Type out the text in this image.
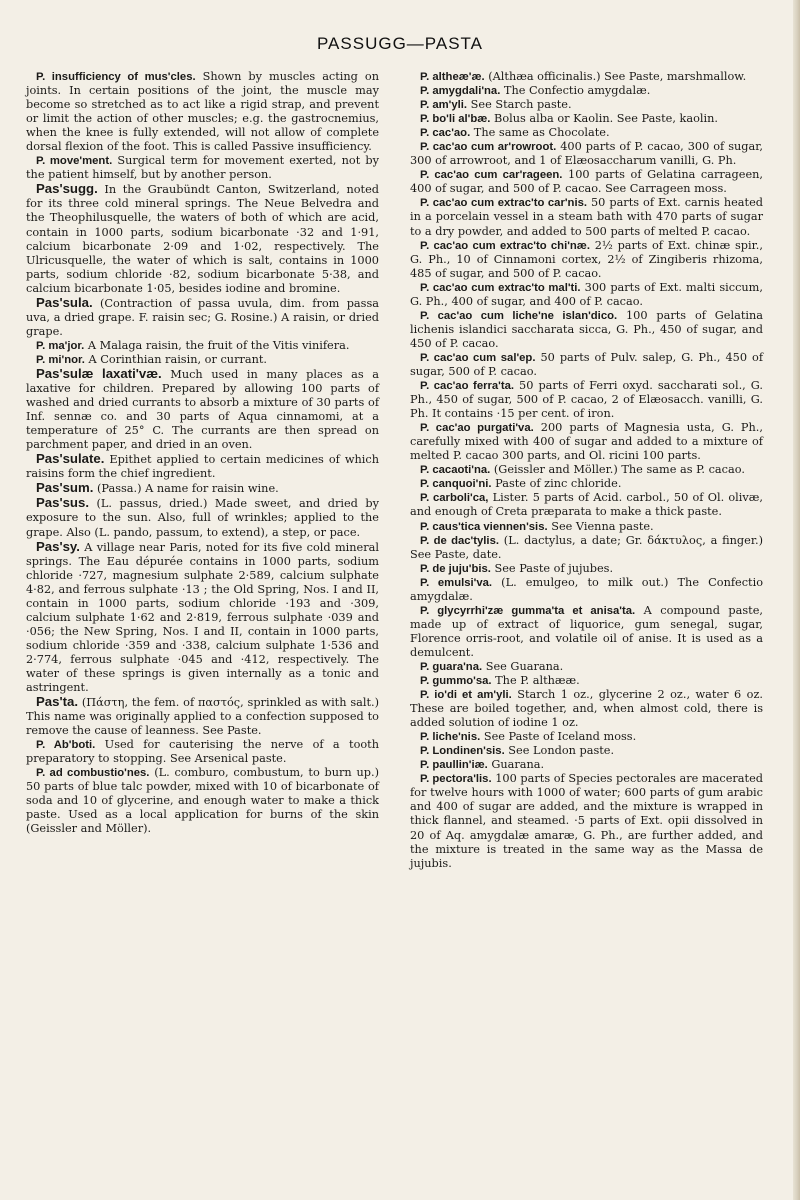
PASSUGG—PASTA

P. insufficiency of mus'cles. Shown by muscles acting on joints. In certain positions of the joint, the muscle may become so stretched as to act like a rigid strap, and prevent or limit the action of other muscles; e.g. the gastrocnemius, when the knee is fully extended, will not allow of complete dorsal flexion of the foot. This is called Passive insufficiency.

P. move'ment. Surgical term for movement exerted, not by the patient himself, but by another person.

Pas'sugg. In the Graubündt Canton, Switzerland, noted for its three cold mineral springs. The Neue Belvedra and the Theophilusquelle, the waters of both of which are acid, contain in 1000 parts, sodium bicarbonate ·32 and 1·91, calcium bicarbonate 2·09 and 1·02, respectively. The Ulricusquelle, the water of which is salt, contains in 1000 parts, sodium chloride ·82, sodium bicarbonate 5·38, and calcium bicarbonate 1·05, besides iodine and bromine.

Pas'sula. (Contraction of passa uvula, dim. from passa uva, a dried grape. F. raisin sec; G. Rosine.) A raisin, or dried grape.

P. ma'jor. A Malaga raisin, the fruit of the Vitis vinifera.

P. mi'nor. A Corinthian raisin, or currant.

Pas'sulæ laxati'væ. Much used in many places as a laxative for children. Prepared by allowing 100 parts of washed and dried currants to absorb a mixture of 30 parts of Inf. sennæ co. and 30 parts of Aqua cinnamomi, at a temperature of 25° C. The currants are then spread on parchment paper, and dried in an oven.

Pas'sulate. Epithet applied to certain medicines of which raisins form the chief ingredient.

Pas'sum. (Passa.) A name for raisin wine.

Pas'sus. (L. passus, dried.) Made sweet, and dried by exposure to the sun. Also, full of wrinkles; applied to the grape. Also (L. pando, passum, to extend), a step, or pace.

Pas'sy. A village near Paris, noted for its five cold mineral springs. The Eau dépurée contains in 1000 parts, sodium chloride ·727, magnesium sulphate 2·589, calcium sulphate 4·82, and ferrous sulphate ·13 ; the Old Spring, Nos. I and II, contain in 1000 parts, sodium chloride ·193 and ·309, calcium sulphate 1·62 and 2·819, ferrous sulphate ·039 and ·056; the New Spring, Nos. I and II, contain in 1000 parts, sodium chloride ·359 and ·338, calcium sulphate 1·536 and 2·774, ferrous sulphate ·045 and ·412, respectively. The water of these springs is given internally as a tonic and astringent.

Pas'ta. (Πάστη, the fem. of παστός, sprinkled as with salt.) This name was originally applied to a confection supposed to remove the cause of leanness. See Paste.

P. Ab'boti. Used for cauterising the nerve of a tooth preparatory to stopping. See Arsenical paste.

P. ad combustio'nes. (L. comburo, combustum, to burn up.) 50 parts of blue talc powder, mixed with 10 of bicarbonate of soda and 10 of glycerine, and enough water to make a thick paste. Used as a local application for burns of the skin (Geissler and Möller).

P. altheæ'æ. (Althæa officinalis.) See Paste, marshmallow.

P. amygdali'na. The Confectio amygdalæ.

P. am'yli. See Starch paste.

P. bo'li al'bæ. Bolus alba or Kaolin. See Paste, kaolin.

P. cac'ao. The same as Chocolate.

P. cac'ao cum ar'rowroot. 400 parts of P. cacao, 300 of sugar, 300 of arrowroot, and 1 of Elæosaccharum vanilli, G. Ph.

P. cac'ao cum car'rageen. 100 parts of Gelatina carrageen, 400 of sugar, and 500 of P. cacao. See Carrageen moss.

P. cac'ao cum extrac'to car'nis. 50 parts of Ext. carnis heated in a porcelain vessel in a steam bath with 470 parts of sugar to a dry powder, and added to 500 parts of melted P. cacao.

P. cac'ao cum extrac'to chi'næ. 2½ parts of Ext. chinæ spir., G. Ph., 10 of Cinnamoni cortex, 2½ of Zingiberis rhizoma, 485 of sugar, and 500 of P. cacao.

P. cac'ao cum extrac'to mal'ti. 300 parts of Ext. malti siccum, G. Ph., 400 of sugar, and 400 of P. cacao.

P. cac'ao cum liche'ne islan'dico. 100 parts of Gelatina lichenis islandici saccharata sicca, G. Ph., 450 of sugar, and 450 of P. cacao.

P. cac'ao cum sal'ep. 50 parts of Pulv. salep, G. Ph., 450 of sugar, 500 of P. cacao.

P. cac'ao ferra'ta. 50 parts of Ferri oxyd. saccharati sol., G. Ph., 450 of sugar, 500 of P. cacao, 2 of Elæosacch. vanilli, G. Ph. It contains ·15 per cent. of iron.

P. cac'ao purgati'va. 200 parts of Magnesia usta, G. Ph., carefully mixed with 400 of sugar and added to a mixture of melted P. cacao 300 parts, and Ol. ricini 100 parts.

P. cacaoti'na. (Geissler and Möller.) The same as P. cacao.

P. canquoi'ni. Paste of zinc chloride.

P. carboli'ca, Lister. 5 parts of Acid. carbol., 50 of Ol. olivæ, and enough of Creta præparata to make a thick paste.

P. caus'tica viennen'sis. See Vienna paste.

P. de dac'tylis. (L. dactylus, a date; Gr. δάκτυλος, a finger.) See Paste, date.

P. de juju'bis. See Paste of jujubes.

P. emulsi'va. (L. emulgeo, to milk out.) The Confectio amygdalæ.

P. glycyrrhi'zæ gumma'ta et anisa'ta. A compound paste, made up of extract of liquorice, gum senegal, sugar, Florence orris-root, and volatile oil of anise. It is used as a demulcent.

P. guara'na. See Guarana.

P. gummo'sa. The P. althææ.

P. io'di et am'yli. Starch 1 oz., glycerine 2 oz., water 6 oz. These are boiled together, and, when almost cold, there is added solution of iodine 1 oz.

P. liche'nis. See Paste of Iceland moss.

P. Londinen'sis. See London paste.

P. paullin'iæ. Guarana.

P. pectora'lis. 100 parts of Species pectorales are macerated for twelve hours with 1000 of water; 600 parts of gum arabic and 400 of sugar are added, and the mixture is wrapped in thick flannel, and steamed. ·5 parts of Ext. opii dissolved in 20 of Aq. amygdalæ amaræ, G. Ph., are further added, and the mixture is treated in the same way as the Massa de jujubis.
